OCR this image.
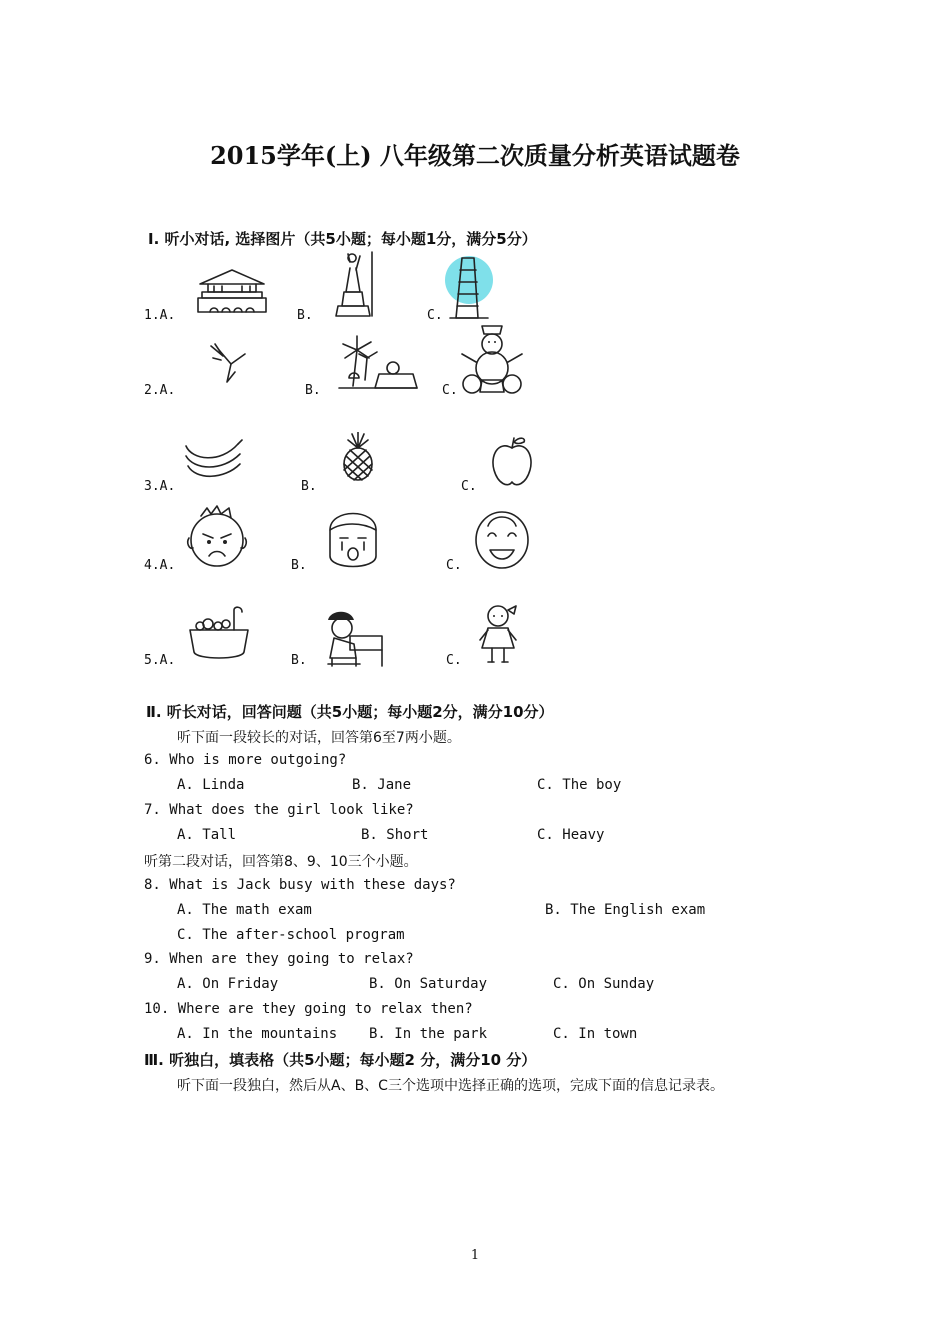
2015学年(上) 八年级第二次质量分析英语试题卷
Ⅰ. 听小对话, 选择图片（共5小题；每小题1分，满分5分）
1.A.	B.	C.
2.A.	B.	C.
3.A.	B.	C.
4.A.	B.	C.
5.A.	B.	C.
Ⅱ. 听长对话，回答问题（共5小题；每小题2分，满分10分）
听下面一段较长的对话，回答第6至7两小题。
6. Who is more outgoing?
A. Linda	B. Jane	C. The boy
7. What does the girl look like?
A. Tall	B. Short	C. Heavy
听第二段对话，回答第8、9、10三个小题。
8. What is Jack busy with these days?
A. The math exam	B. The English exam
C. The after-school program
9. When are they going to relax?
A. On Friday	B. On Saturday	C. On Sunday
10. Where are they going to relax then?
A. In the mountains B. In the park	C. In town
Ⅲ. 听独白，填表格（共5小题；每小题2 分，满分10 分）
听下面一段独白，然后从A、B、C三个选项中选择正确的选项，完成下面的信息记录表。
1
